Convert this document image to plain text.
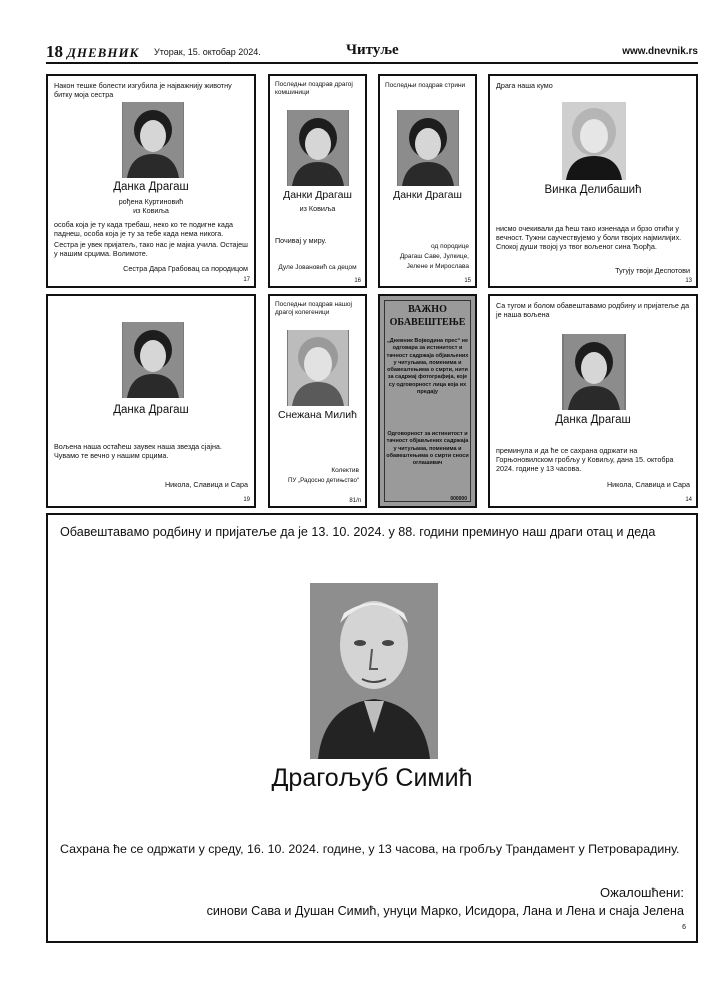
18 ДНЕВНИК Уторак, 15. октобар 2024.	Читуље	www.dnevnik.rs
Након тешке болести изгубила је најважнију животну битку моја сестра
Данка Драгаш
рођена Куртиновић
из Ковиља
особа која је ту када требаш, неко ко те подигне када паднеш, особа која је ту за тебе када нема никога.
Сестра је увек пријатељ, тако нас је мајка учила. Остајеш у нашим срцима. Волимоте.
Сестра Дара Грабовац са породицом
17
Последњи поздрав драгој комшиници
Данки Драгаш
из Ковиља
Почивај у миру.
Дуле Јовановић са децом
16
Последњи поздрав стрини
Данки Драгаш
од породице
Драгаш Саве, Јулкице,
Јелене и Мирослава
15
Драга наша кумо
Винка Делибашић
нисмо очекивали да ћеш тако изненада и брзо отићи у вечност. Тужни саучествујемо у боли твојих најмилијих. Спокој души твојој уз твог вољеног сина Ђорђа.
Тугују твоји Деспотови
13
Данка Драгаш
Вољена наша остаћеш заувек наша звезда сјајна. Чувамо те вечно у нашим срцима.
Никола, Славица и Сара
19
Последњи поздрав нашој драгој колегеници
Снежана Милић
Колектив
ПУ „Радосно детињство“
81/п
ВАЖНО
ОБАВЕШТЕЊЕ
„Дневник Војводина прес“ не одговара за истинитост и тачност садржаја објављених у читуљама, поменима и обавештењима о смрти, нити за садржај фотографија, које су одговорност лица која их предају
Одговорност за истинитост и тачност објављених садржаја у читуљама, поменима и обавештењима о смрти сноси оглашивач
000000
Са тугом и болом обавештавамо родбину и пријатеље да је наша вољена
Данка Драгаш
преминула и да ће се сахрана одржати на Горњоновилском гробљу у Ковиљу, дана 15. октобра 2024. године у 13 часова.
Никола, Славица и Сара
14
Обавештавамо родбину и пријатеље да је 13. 10. 2024. у 88. години преминуо наш драги отац и деда
Драгољуб Симић
Сахрана ће се одржати у среду, 16. 10. 2024. године, у 13 часова, на гробљу Трандамент у Петроварадину.
Ожалошћени:
синови Сава и Душан Симић, унуци Марко, Исидора, Лана и Лена и снаја Јелена
6
